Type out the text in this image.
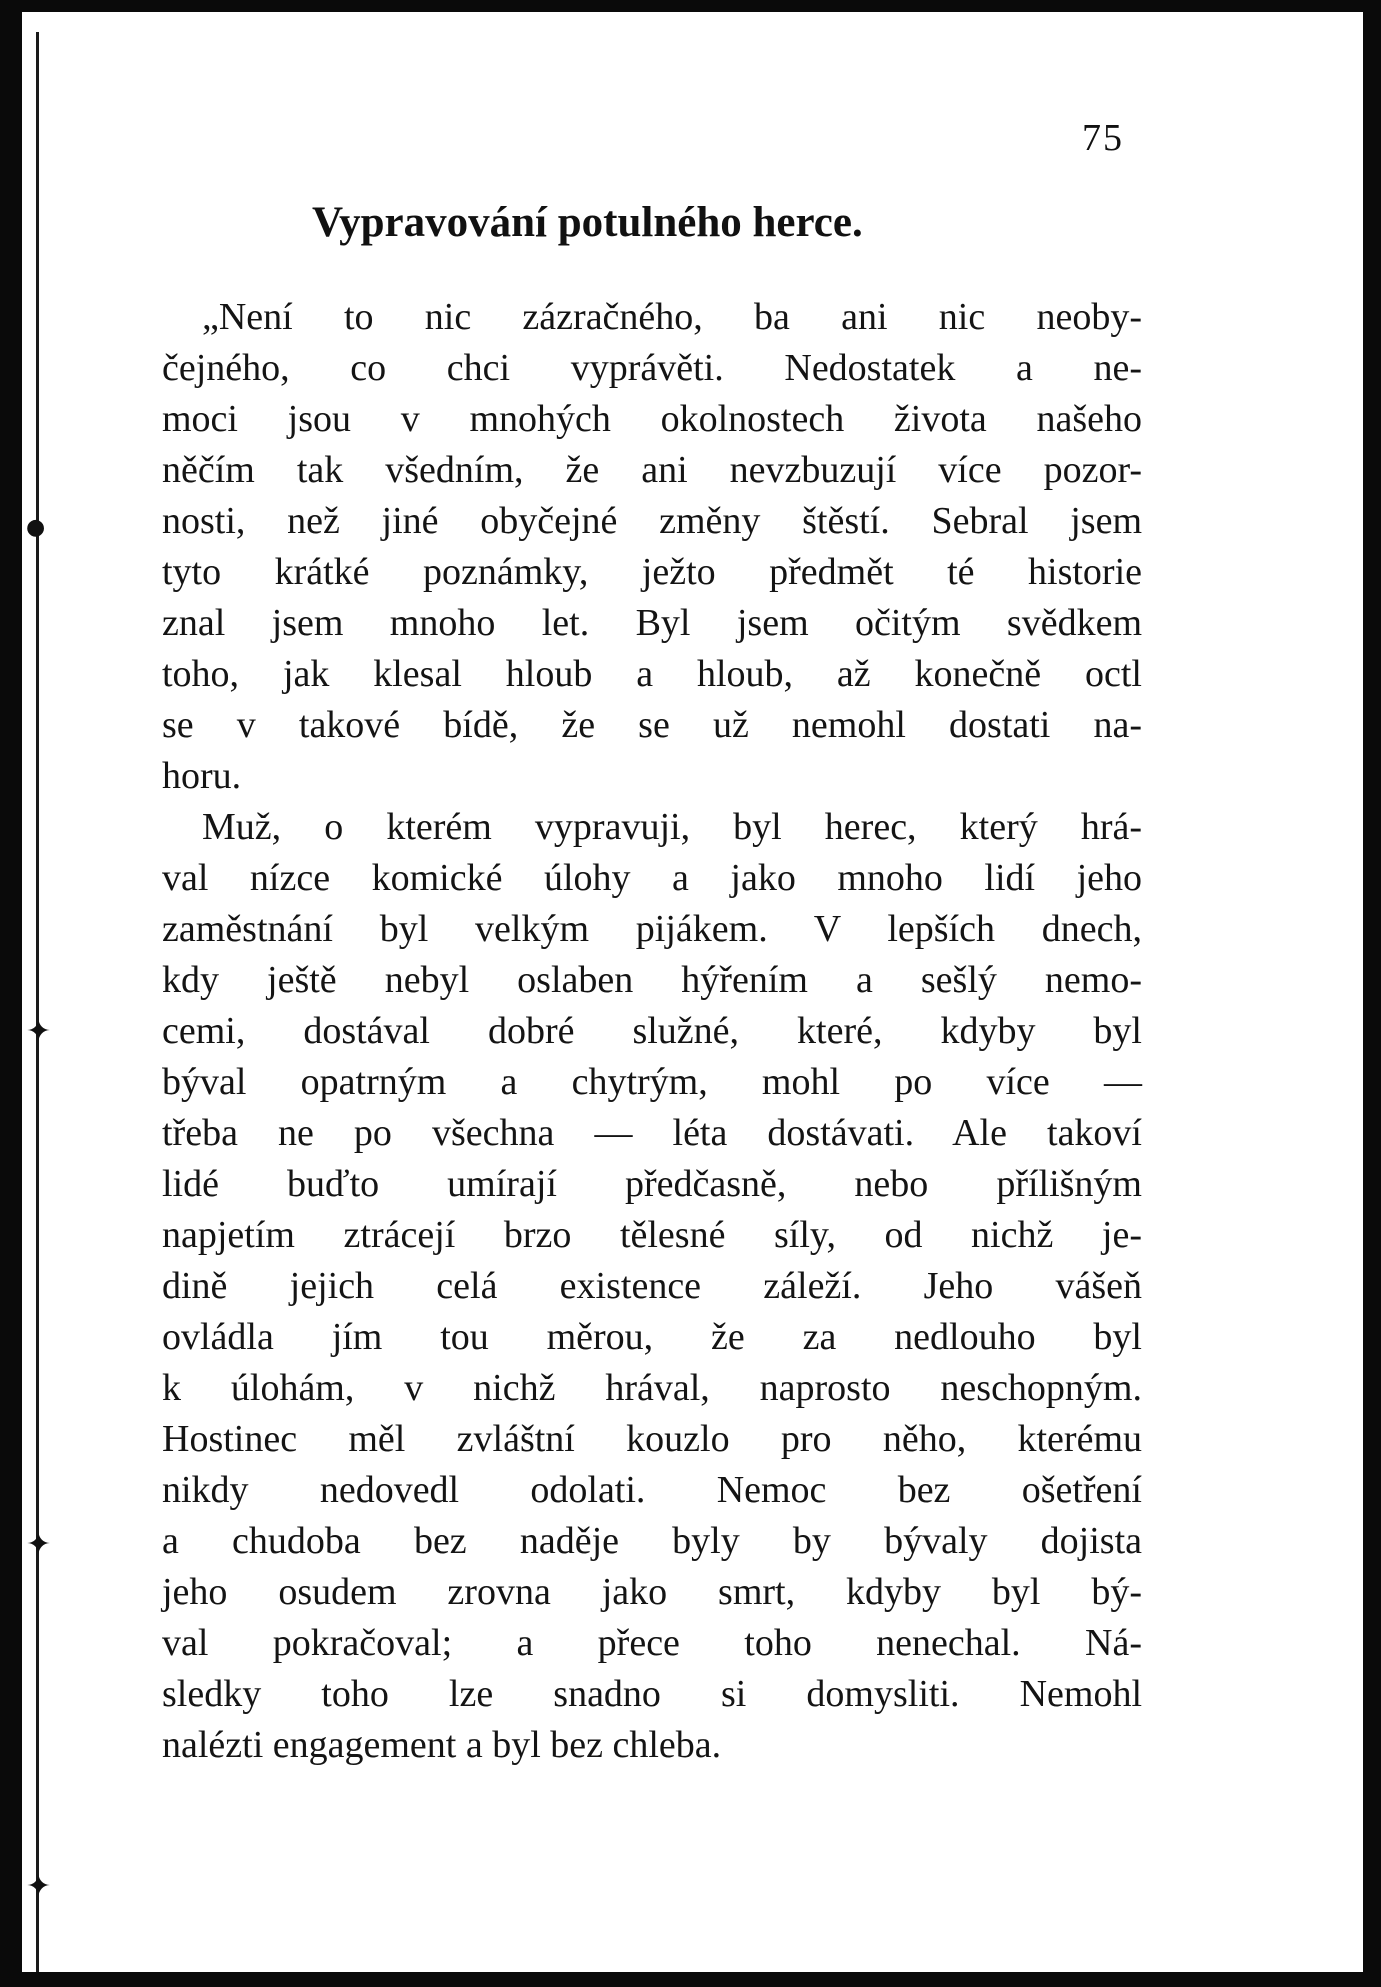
●
✦
✦
✦
75
Vypravování potulného herce.
„Není to nic zázračného, ba ani nic neoby-
čejného, co chci vyprávěti. Nedostatek a ne-
moci jsou v mnohých okolnostech života našeho
něčím tak všedním, že ani nevzbuzují více pozor-
nosti, než jiné obyčejné změny štěstí. Sebral jsem
tyto krátké poznámky, ježto předmět té historie
znal jsem mnoho let. Byl jsem očitým svědkem
toho, jak klesal hloub a hloub, až konečně octl
se v takové bídě, že se už nemohl dostati na-
horu.
Muž, o kterém vypravuji, byl herec, který hrá-
val nízce komické úlohy a jako mnoho lidí jeho
zaměstnání byl velkým pijákem. V lepších dnech,
kdy ještě nebyl oslaben hýřením a sešlý nemo-
cemi, dostával dobré služné, které, kdyby byl
býval opatrným a chytrým, mohl po více —
třeba ne po všechna — léta dostávati. Ale takoví
lidé buďto umírají předčasně, nebo přílišným
napjetím ztrácejí brzo tělesné síly, od nichž je-
dině jejich celá existence záleží. Jeho vášeň
ovládla jím tou měrou, že za nedlouho byl
k úlohám, v nichž hrával, naprosto neschopným.
Hostinec měl zvláštní kouzlo pro něho, kterému
nikdy nedovedl odolati. Nemoc bez ošetření
a chudoba bez naděje byly by bývaly dojista
jeho osudem zrovna jako smrt, kdyby byl bý-
val pokračoval; a přece toho nenechal. Ná-
sledky toho lze snadno si domysliti. Nemohl
nalézti engagement a byl bez chleba.
